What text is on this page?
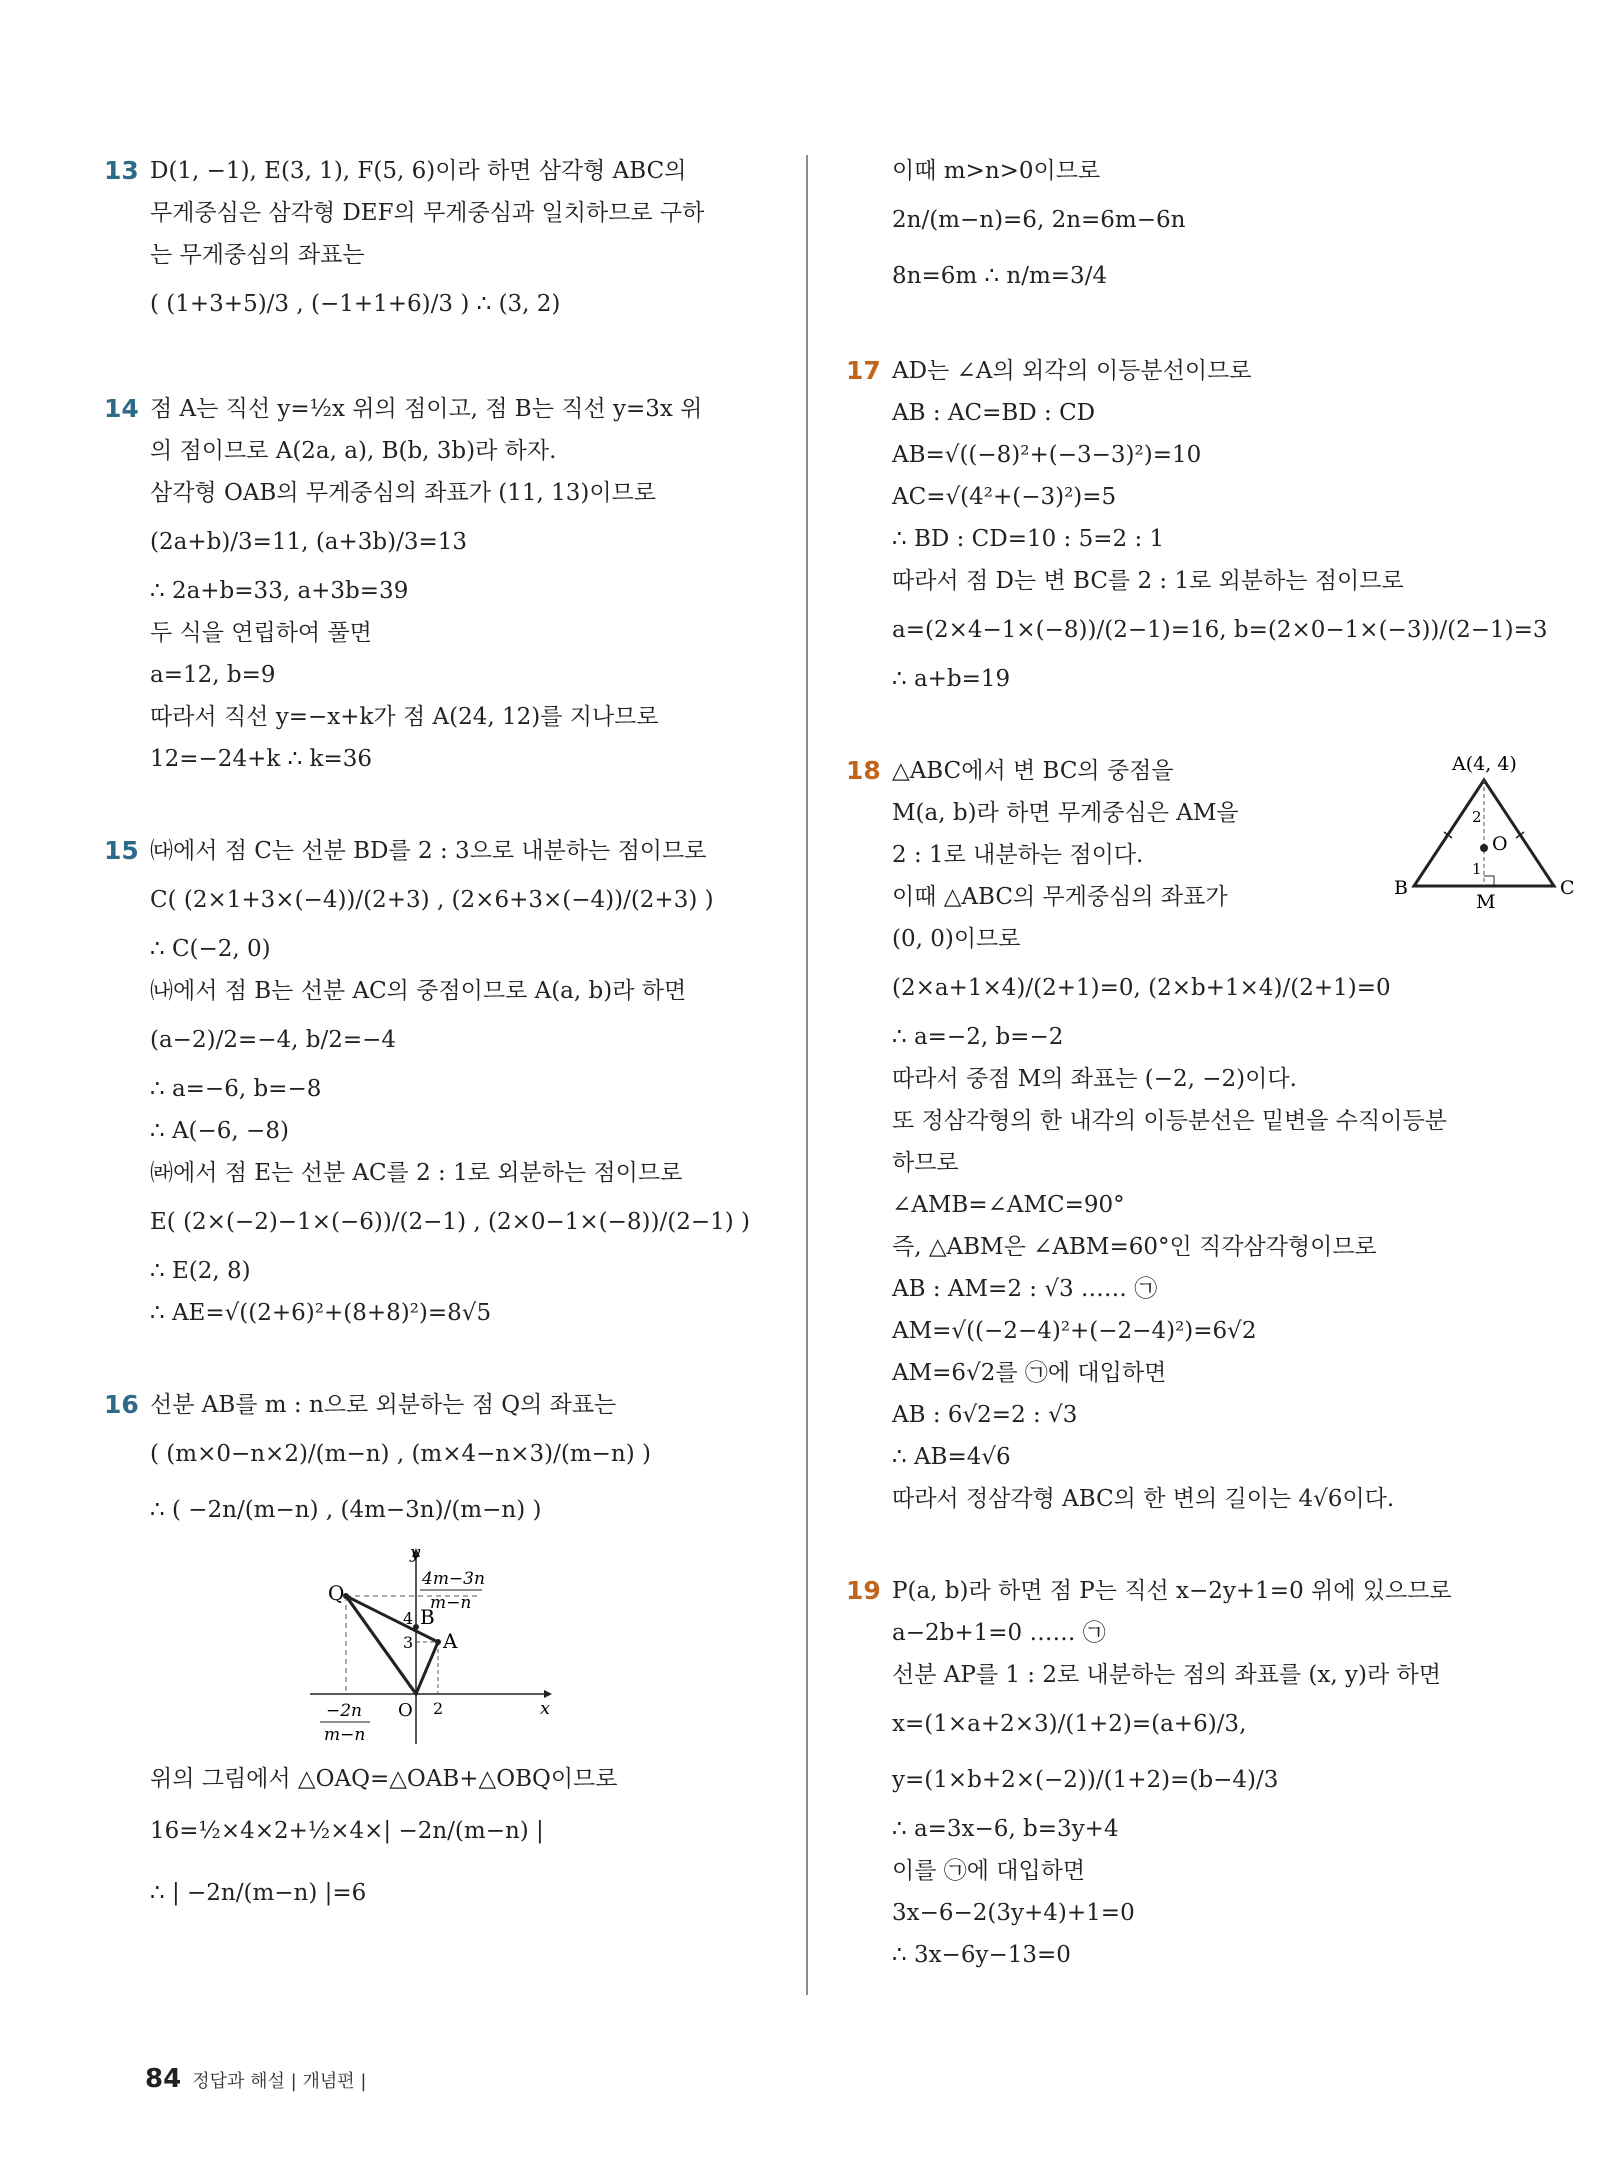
13 D(1, −1), E(3, 1), F(5, 6)이라 하면 삼각형 ABC의
무게중심은 삼각형 DEF의 무게중심과 일치하므로 구하
는 무게중심의 좌표는
( (1+3+5)/3 , (−1+1+6)/3 ) ∴ (3, 2)
14 점 A는 직선 y=½x 위의 점이고, 점 B는 직선 y=3x 위
의 점이므로 A(2a, a), B(b, 3b)라 하자.
삼각형 OAB의 무게중심의 좌표가 (11, 13)이므로
(2a+b)/3=11, (a+3b)/3=13
∴ 2a+b=33, a+3b=39
두 식을 연립하여 풀면
a=12, b=9
따라서 직선 y=−x+k가 점 A(24, 12)를 지나므로
12=−24+k ∴ k=36
15 ㈐에서 점 C는 선분 BD를 2 : 3으로 내분하는 점이므로
C( (2×1+3×(−4))/(2+3) , (2×6+3×(−4))/(2+3) )
∴ C(−2, 0)
㈏에서 점 B는 선분 AC의 중점이므로 A(a, b)라 하면
(a−2)/2=−4, b/2=−4
∴ a=−6, b=−8
∴ A(−6, −8)
㈑에서 점 E는 선분 AC를 2 : 1로 외분하는 점이므로
E( (2×(−2)−1×(−6))/(2−1) , (2×0−1×(−8))/(2−1) )
∴ E(2, 8)
∴ AE=√((2+6)²+(8+8)²)=8√5
16 선분 AB를 m : n으로 외분하는 점 Q의 좌표는
( (m×0−n×2)/(m−n) , (m×4−n×3)/(m−n) )
∴ ( −2n/(m−n) , (4m−3n)/(m−n) )
y
x
O
Q
A
B
4
3
2
4m−3n
m−n
−2n
m−n
위의 그림에서 △OAQ=△OAB+△OBQ이므로
16=½×4×2+½×4×| −2n/(m−n) |
∴ | −2n/(m−n) |=6
이때 m>n>0이므로
2n/(m−n)=6, 2n=6m−6n
8n=6m ∴ n/m=3/4
17 AD는 ∠A의 외각의 이등분선이므로
AB : AC=BD : CD
AB=√((−8)²+(−3−3)²)=10
AC=√(4²+(−3)²)=5
∴ BD : CD=10 : 5=2 : 1
따라서 점 D는 변 BC를 2 : 1로 외분하는 점이므로
a=(2×4−1×(−8))/(2−1)=16, b=(2×0−1×(−3))/(2−1)=3
∴ a+b=19
18	A(4, 4)
B	C
M
O
2
1
△ABC에서 변 BC의 중점을
M(a, b)라 하면 무게중심은 AM을
2 : 1로 내분하는 점이다.
이때 △ABC의 무게중심의 좌표가
(0, 0)이므로
(2×a+1×4)/(2+1)=0, (2×b+1×4)/(2+1)=0
∴ a=−2, b=−2
따라서 중점 M의 좌표는 (−2, −2)이다.
또 정삼각형의 한 내각의 이등분선은 밑변을 수직이등분
하므로
∠AMB=∠AMC=90°
즉, △ABM은 ∠ABM=60°인 직각삼각형이므로
AB : AM=2 : √3 …… ㉠
AM=√((−2−4)²+(−2−4)²)=6√2
AM=6√2를 ㉠에 대입하면
AB : 6√2=2 : √3
∴ AB=4√6
따라서 정삼각형 ABC의 한 변의 길이는 4√6이다.
19 P(a, b)라 하면 점 P는 직선 x−2y+1=0 위에 있으므로
a−2b+1=0 …… ㉠
선분 AP를 1 : 2로 내분하는 점의 좌표를 (x, y)라 하면
x=(1×a+2×3)/(1+2)=(a+6)/3,
y=(1×b+2×(−2))/(1+2)=(b−4)/3
∴ a=3x−6, b=3y+4
이를 ㉠에 대입하면
3x−6−2(3y+4)+1=0
∴ 3x−6y−13=0
84 정답과 해설 | 개념편 |
